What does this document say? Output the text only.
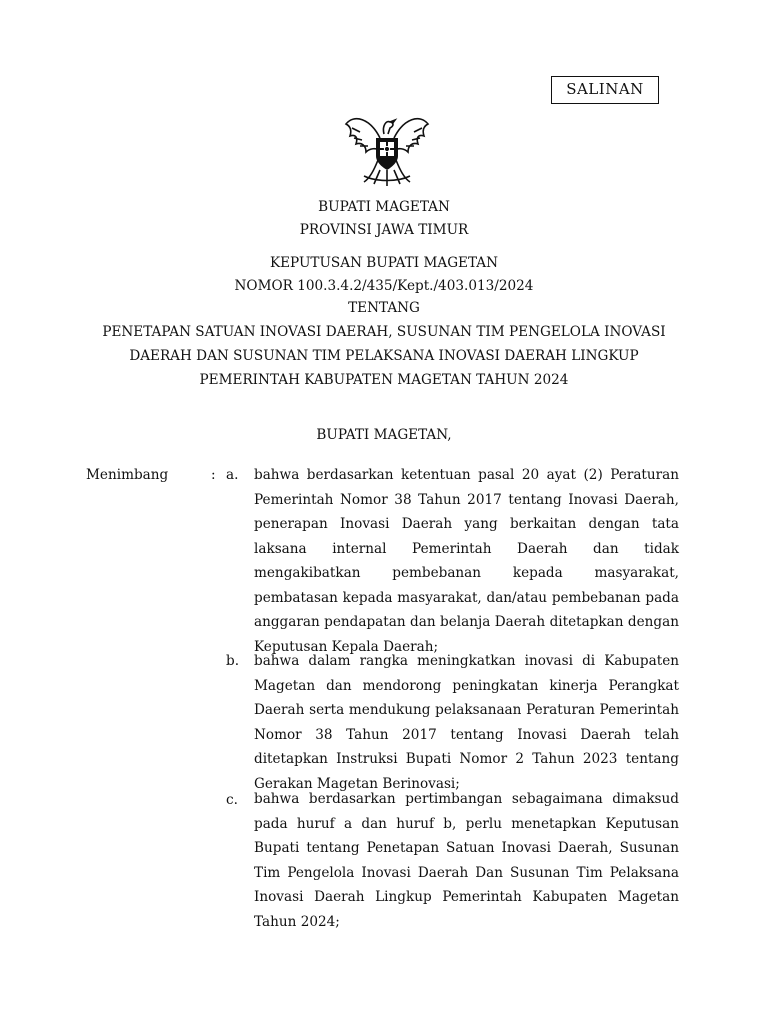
SALINAN
BUPATI MAGETAN
PROVINSI JAWA TIMUR
KEPUTUSAN BUPATI MAGETAN
NOMOR 100.3.4.2/435/Kept./403.013/2024
TENTANG
PENETAPAN SATUAN INOVASI DAERAH, SUSUNAN TIM PENGELOLA INOVASI
DAERAH DAN SUSUNAN TIM PELAKSANA INOVASI DAERAH LINGKUP
PEMERINTAH KABUPATEN MAGETAN TAHUN 2024
BUPATI MAGETAN,
Menimbang	: a. bahwa berdasarkan ketentuan pasal 20 ayat (2) Peraturan Pemerintah Nomor 38 Tahun 2017 tentang Inovasi Daerah, penerapan Inovasi Daerah yang berkaitan dengan tata laksana internal Pemerintah Daerah dan tidak mengakibatkan pembebanan kepada masyarakat, pembatasan kepada masyarakat, dan/atau pembebanan pada anggaran pendapatan dan belanja Daerah ditetapkan dengan Keputusan Kepala Daerah;

b. bahwa dalam rangka meningkatkan inovasi di Kabupaten Magetan dan mendorong peningkatan kinerja Perangkat Daerah serta mendukung pelaksanaan Peraturan Pemerintah Nomor 38 Tahun 2017 tentang Inovasi Daerah telah ditetapkan Instruksi Bupati Nomor 2 Tahun 2023 tentang Gerakan Magetan Berinovasi;

c. bahwa berdasarkan pertimbangan sebagaimana dimaksud pada huruf a dan huruf b, perlu menetapkan Keputusan Bupati tentang Penetapan Satuan Inovasi Daerah, Susunan Tim Pengelola Inovasi Daerah Dan Susunan Tim Pelaksana Inovasi Daerah Lingkup Pemerintah Kabupaten Magetan Tahun 2024;
